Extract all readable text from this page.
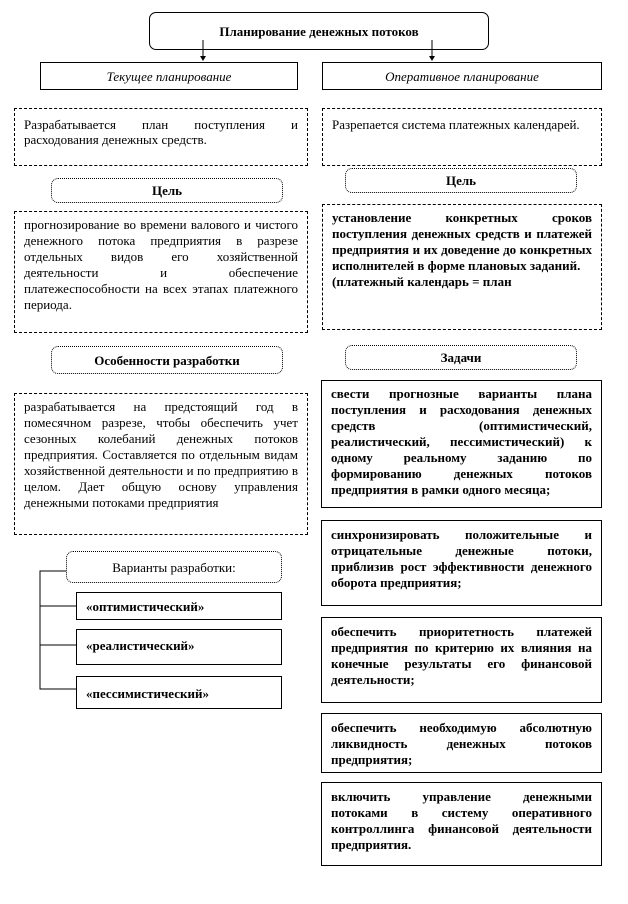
Планирование денежных потоков
Текущее планирование
Разрабатывается план поступления и расходования денежных средств.
Цель
прогнозирование во времени валового и чистого денежного потока предприятия в разрезе отдельных видов его хозяйственной деятельности и обеспечение платежеспособности на всех этапах платежного периода.
Особенности разработки
разрабатывается на предстоящий год в помесячном разрезе, чтобы обеспечить учет сезонных колебаний денежных потоков предприятия. Составляется по отдельным видам хозяйственной деятельности и по предприятию в целом. Дает общую основу управления денежными потоками предприятия
Варианты разработки:
«оптимистический»
«реалистический»
«пессимистический»
Оперативное планирование
Разрепается система платежных календарей.
Цель
установление конкретных сроков поступления денежных средств и платежей предприятия и их доведение до конкретных исполнителей в форме плановых заданий.
(платежный календарь = план
Задачи
свести прогнозные варианты плана поступления и расходования денежных средств (оптимистический, реалистический, пессимистический) к одному реальному заданию по формированию денежных потоков предприятия в рамки одного месяца;
синхронизировать положительные и отрицательные денежные потоки, приблизив рост эффективности денежного оборота предприятия;
обеспечить приоритетность платежей предприятия по критерию их влияния на конечные результаты его финансовой деятельности;
обеспечить необходимую абсолютную ликвидность денежных потоков предприятия;
включить управление денежными потоками в систему оперативного контроллинга финансовой деятельности предприятия.
